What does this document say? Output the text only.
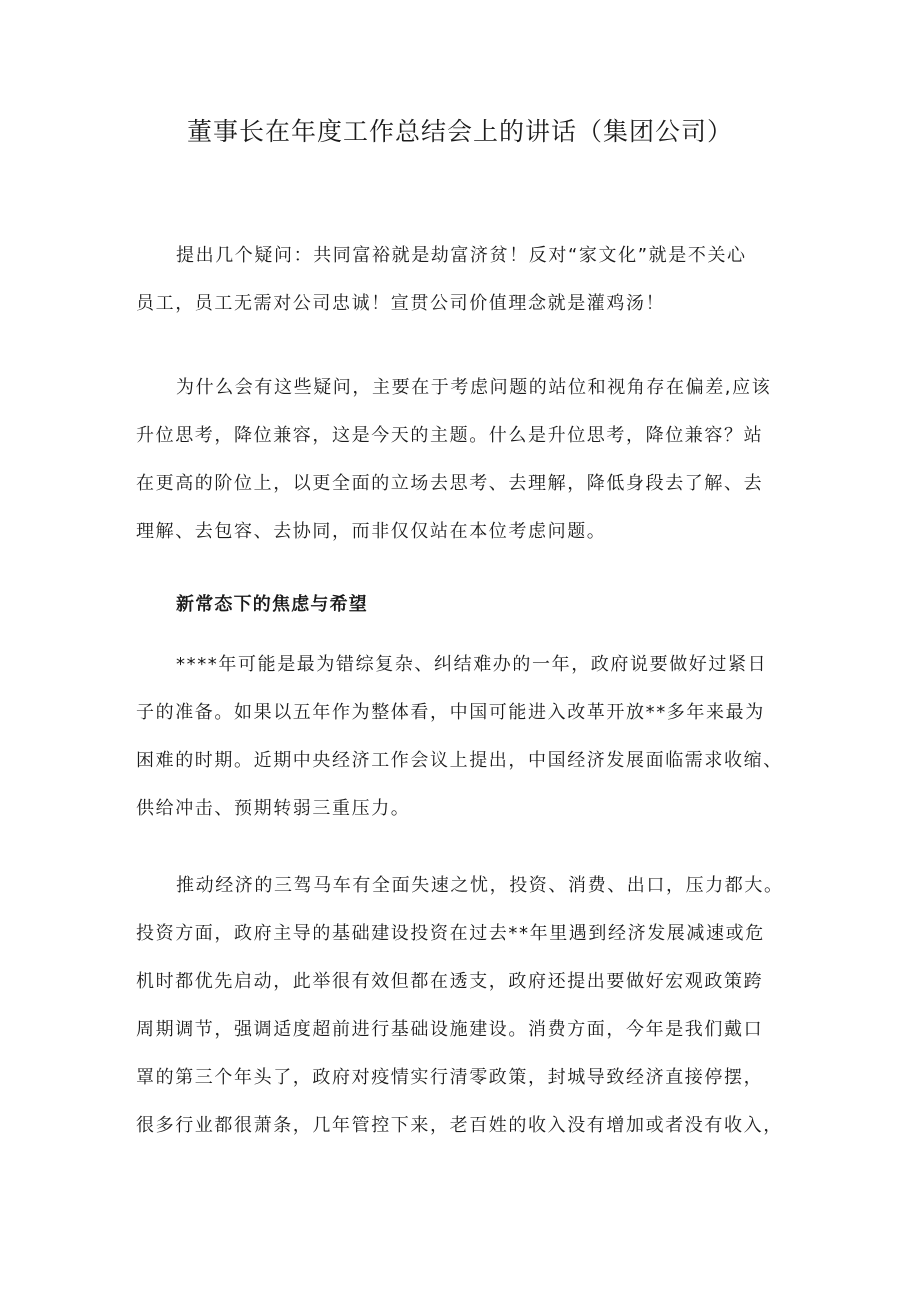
董事长在年度工作总结会上的讲话（集团公司）

提出几个疑问：共同富裕就是劫富济贫！反对“家文化”就是不关心
员工，员工无需对公司忠诚！宣贯公司价值理念就是灌鸡汤！

为什么会有这些疑问，主要在于考虑问题的站位和视角存在偏差,应该
升位思考，降位兼容，这是今天的主题。什么是升位思考，降位兼容？站
在更高的阶位上，以更全面的立场去思考、去理解，降低身段去了解、去
理解、去包容、去协同，而非仅仅站在本位考虑问题。

新常态下的焦虑与希望

****年可能是最为错综复杂、纠结难办的一年，政府说要做好过紧日
子的准备。如果以五年作为整体看，中国可能进入改革开放**多年来最为
困难的时期。近期中央经济工作会议上提出，中国经济发展面临需求收缩、
供给冲击、预期转弱三重压力。

推动经济的三驾马车有全面失速之忧，投资、消费、出口，压力都大。
投资方面，政府主导的基础建设投资在过去**年里遇到经济发展减速或危
机时都优先启动，此举很有效但都在透支，政府还提出要做好宏观政策跨
周期调节，强调适度超前进行基础设施建设。消费方面，今年是我们戴口
罩的第三个年头了，政府对疫情实行清零政策，封城导致经济直接停摆，
很多行业都很萧条，几年管控下来，老百姓的收入没有增加或者没有收入，
